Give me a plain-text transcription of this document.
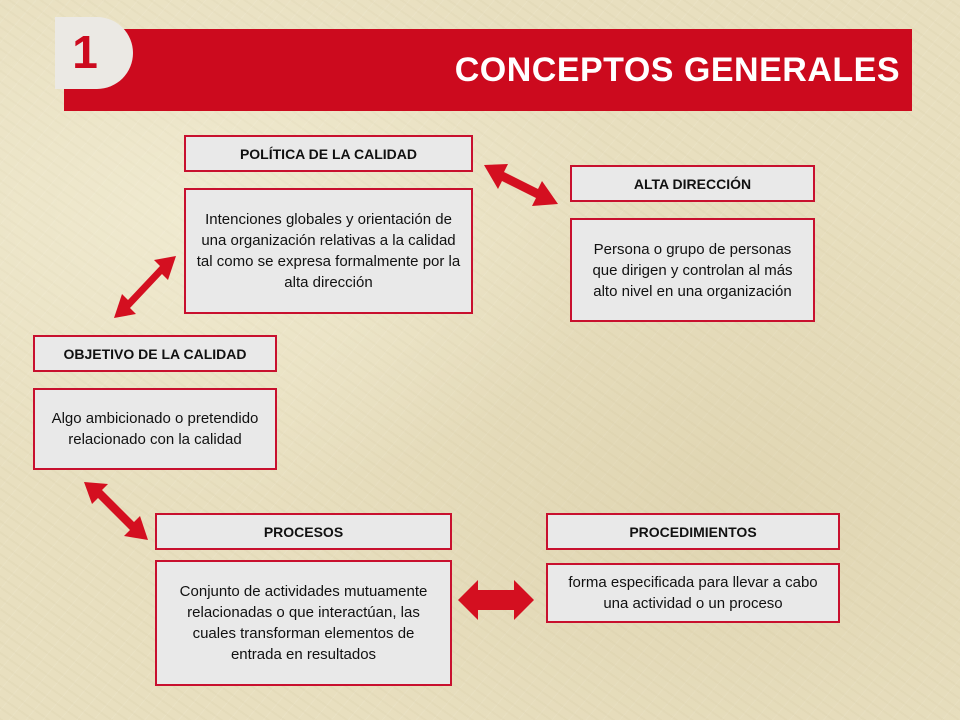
CONCEPTOS GENERALES
1
POLÍTICA DE LA CALIDAD
Intenciones globales y orientación de una organización relativas a la calidad tal como se expresa formalmente por la alta dirección
ALTA DIRECCIÓN
Persona o grupo de personas que dirigen y controlan al más alto nivel en una organización
OBJETIVO DE LA CALIDAD
Algo ambicionado o pretendido relacionado con la calidad
PROCESOS
Conjunto de actividades mutuamente relacionadas o que interactúan, las cuales transforman elementos de entrada en resultados
PROCEDIMIENTOS
forma especificada para llevar a cabo una actividad o un proceso
